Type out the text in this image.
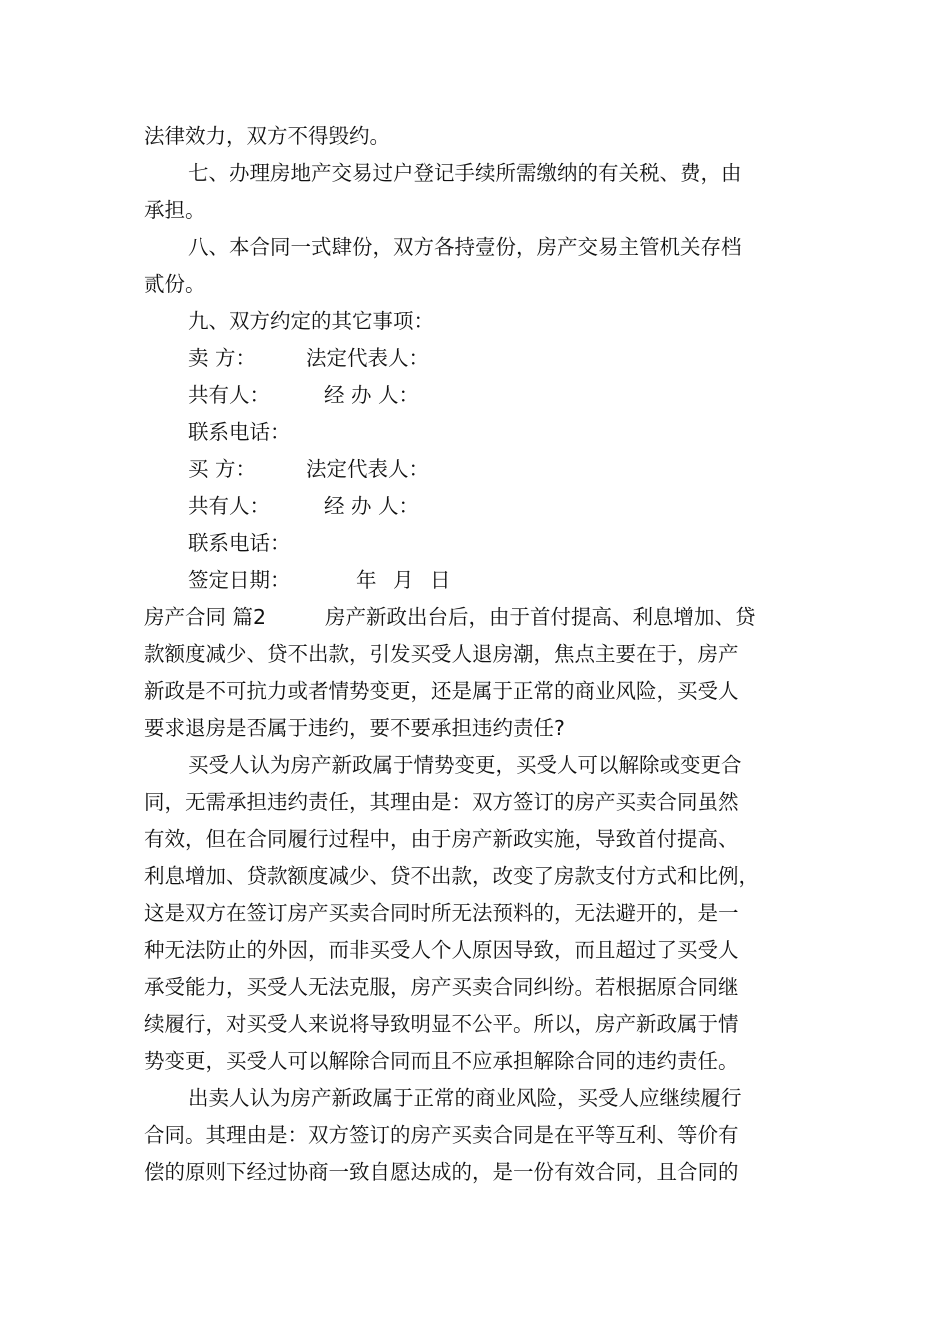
法律效力，双方不得毁约。
七、办理房地产交易过户登记手续所需缴纳的有关税、费，由
承担。
八、本合同一式肆份，双方各持壹份，房产交易主管机关存档
贰份。
九、双方约定的其它事项：
卖 方：	法定代表人：
共有人：	经 办 人：
联系电话：
买 方：	法定代表人：
共有人：	经 办 人：
联系电话：
签定日期：	年 月 日
房产合同 篇2	房产新政出台后，由于首付提高、利息增加、贷
款额度减少、贷不出款，引发买受人退房潮，焦点主要在于，房产
新政是不可抗力或者情势变更，还是属于正常的商业风险，买受人
要求退房是否属于违约，要不要承担违约责任?
买受人认为房产新政属于情势变更，买受人可以解除或变更合
同，无需承担违约责任，其理由是：双方签订的房产买卖合同虽然
有效，但在合同履行过程中，由于房产新政实施，导致首付提高、
利息增加、贷款额度减少、贷不出款，改变了房款支付方式和比例，
这是双方在签订房产买卖合同时所无法预料的，无法避开的，是一
种无法防止的外因，而非买受人个人原因导致，而且超过了买受人
承受能力，买受人无法克服，房产买卖合同纠纷。若根据原合同继
续履行，对买受人来说将导致明显不公平。所以，房产新政属于情
势变更，买受人可以解除合同而且不应承担解除合同的违约责任。
出卖人认为房产新政属于正常的商业风险，买受人应继续履行
合同。其理由是：双方签订的房产买卖合同是在平等互利、等价有
偿的原则下经过协商一致自愿达成的，是一份有效合同，且合同的
